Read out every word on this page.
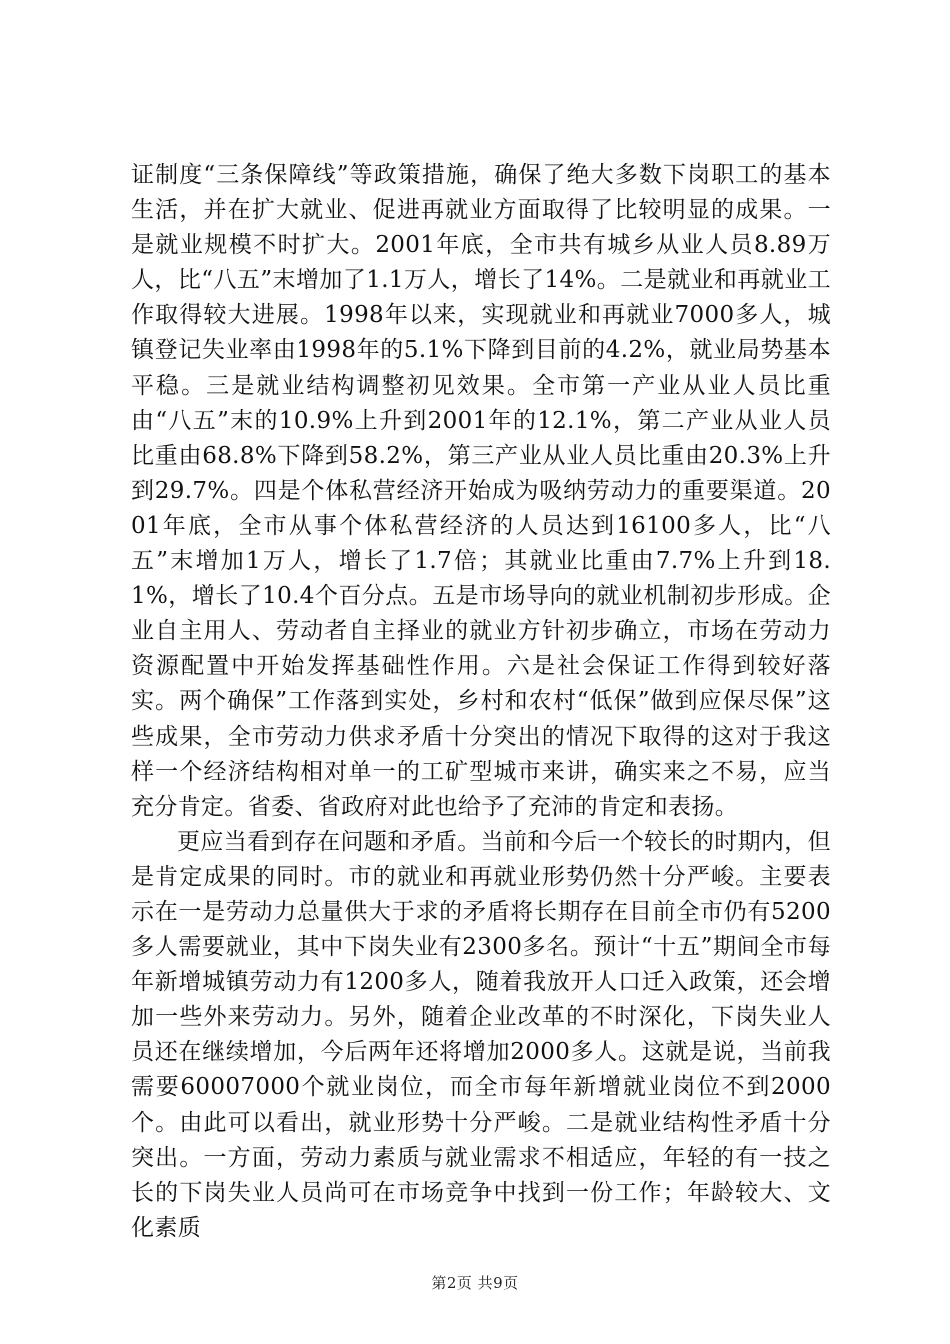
证制度“三条保障线”等政策措施，确保了绝大多数下岗职工的基本生活，并在扩大就业、促进再就业方面取得了比较明显的成果。一是就业规模不时扩大。2001年底，全市共有城乡从业人员8.89万人，比“八五”末增加了1.1万人，增长了14%。二是就业和再就业工作取得较大进展。1998年以来，实现就业和再就业7000多人，城镇登记失业率由1998年的5.1%下降到目前的4.2%，就业局势基本平稳。三是就业结构调整初见效果。全市第一产业从业人员比重由“八五”末的10.9%上升到2001年的12.1%，第二产业从业人员比重由68.8%下降到58.2%，第三产业从业人员比重由20.3%上升到29.7%。四是个体私营经济开始成为吸纳劳动力的重要渠道。2001年底，全市从事个体私营经济的人员达到16100多人，比“八五”末增加1万人，增长了1.7倍；其就业比重由7.7%上升到18.1%，增长了10.4个百分点。五是市场导向的就业机制初步形成。企业自主用人、劳动者自主择业的就业方针初步确立，市场在劳动力资源配置中开始发挥基础性作用。六是社会保证工作得到较好落实。两个确保”工作落到实处，乡村和农村“低保”做到应保尽保”这些成果，全市劳动力供求矛盾十分突出的情况下取得的这对于我这样一个经济结构相对单一的工矿型城市来讲，确实来之不易，应当充分肯定。省委、省政府对此也给予了充沛的肯定和表扬。

更应当看到存在问题和矛盾。当前和今后一个较长的时期内，但是肯定成果的同时。市的就业和再就业形势仍然十分严峻。主要表示在一是劳动力总量供大于求的矛盾将长期存在目前全市仍有5200多人需要就业，其中下岗失业有2300多名。预计“十五”期间全市每年新增城镇劳动力有1200多人，随着我放开人口迁入政策，还会增加一些外来劳动力。另外，随着企业改革的不时深化，下岗失业人员还在继续增加，今后两年还将增加2000多人。这就是说，当前我需要60007000个就业岗位，而全市每年新增就业岗位不到2000个。由此可以看出，就业形势十分严峻。二是就业结构性矛盾十分突出。一方面，劳动力素质与就业需求不相适应，年轻的有一技之长的下岗失业人员尚可在市场竞争中找到一份工作；年龄较大、文化素质

第2页 共9页
